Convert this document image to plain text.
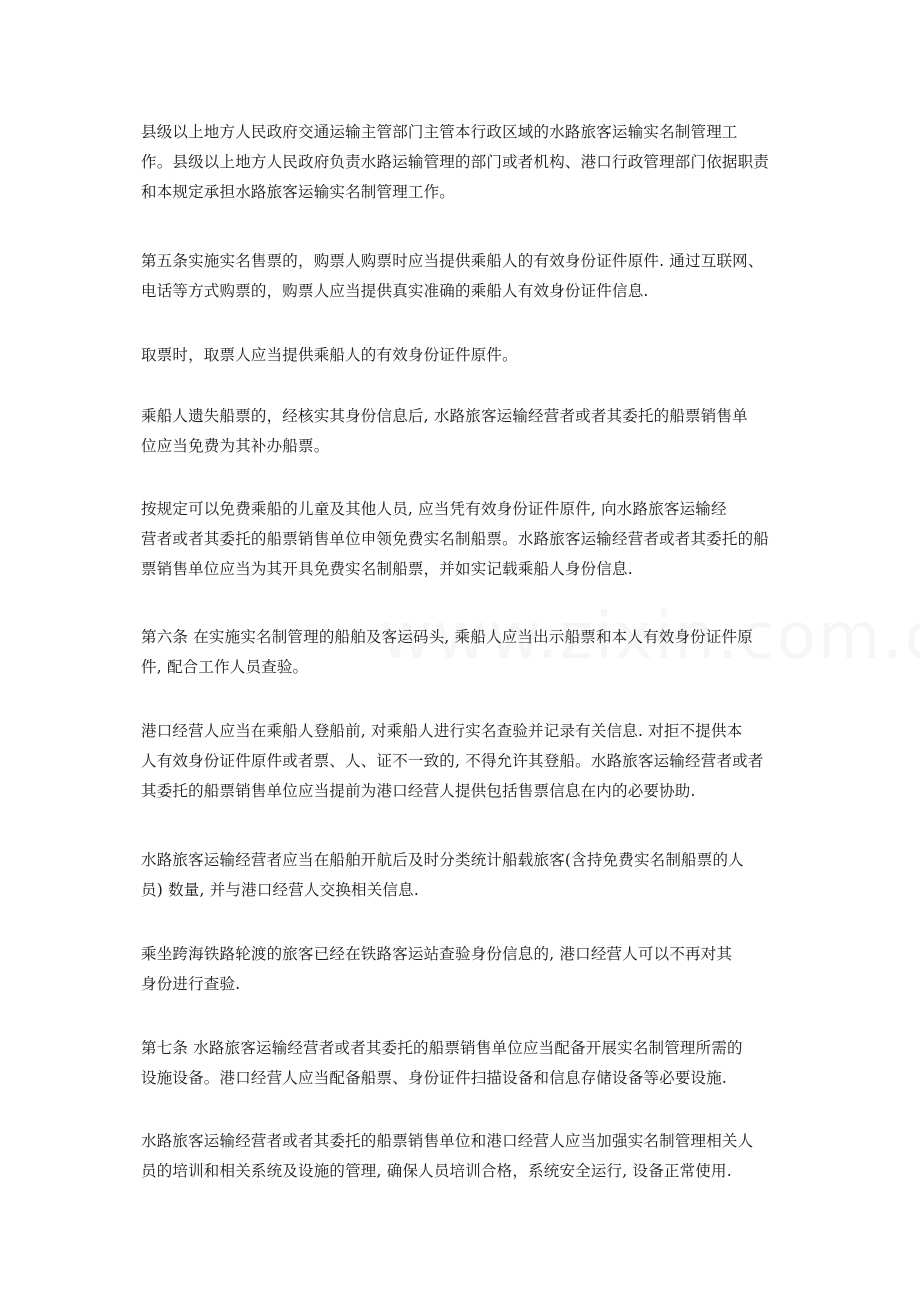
县级以上地方人民政府交通运输主管部门主管本行政区域的水路旅客运输实名制管理工
作。县级以上地方人民政府负责水路运输管理的部门或者机构、港口行政管理部门依据职责
和本规定承担水路旅客运输实名制管理工作。

第五条实施实名售票的，购票人购票时应当提供乘船人的有效身份证件原件. 通过互联网、
电话等方式购票的，购票人应当提供真实准确的乘船人有效身份证件信息.

取票时，取票人应当提供乘船人的有效身份证件原件。

乘船人遗失船票的，经核实其身份信息后, 水路旅客运输经营者或者其委托的船票销售单
位应当免费为其补办船票。

按规定可以免费乘船的儿童及其他人员, 应当凭有效身份证件原件, 向水路旅客运输经
营者或者其委托的船票销售单位申领免费实名制船票。水路旅客运输经营者或者其委托的船
票销售单位应当为其开具免费实名制船票，并如实记载乘船人身份信息.

第六条 在实施实名制管理的船舶及客运码头, 乘船人应当出示船票和本人有效身份证件原
件, 配合工作人员查验。

港口经营人应当在乘船人登船前, 对乘船人进行实名查验并记录有关信息. 对拒不提供本
人有效身份证件原件或者票、人、证不一致的, 不得允许其登船。水路旅客运输经营者或者
其委托的船票销售单位应当提前为港口经营人提供包括售票信息在内的必要协助.

水路旅客运输经营者应当在船舶开航后及时分类统计船载旅客(含持免费实名制船票的人
员) 数量, 并与港口经营人交换相关信息.

乘坐跨海铁路轮渡的旅客已经在铁路客运站查验身份信息的, 港口经营人可以不再对其
身份进行查验.

第七条 水路旅客运输经营者或者其委托的船票销售单位应当配备开展实名制管理所需的
设施设备。港口经营人应当配备船票、身份证件扫描设备和信息存储设备等必要设施.

水路旅客运输经营者或者其委托的船票销售单位和港口经营人应当加强实名制管理相关人
员的培训和相关系统及设施的管理, 确保人员培训合格，系统安全运行, 设备正常使用.
